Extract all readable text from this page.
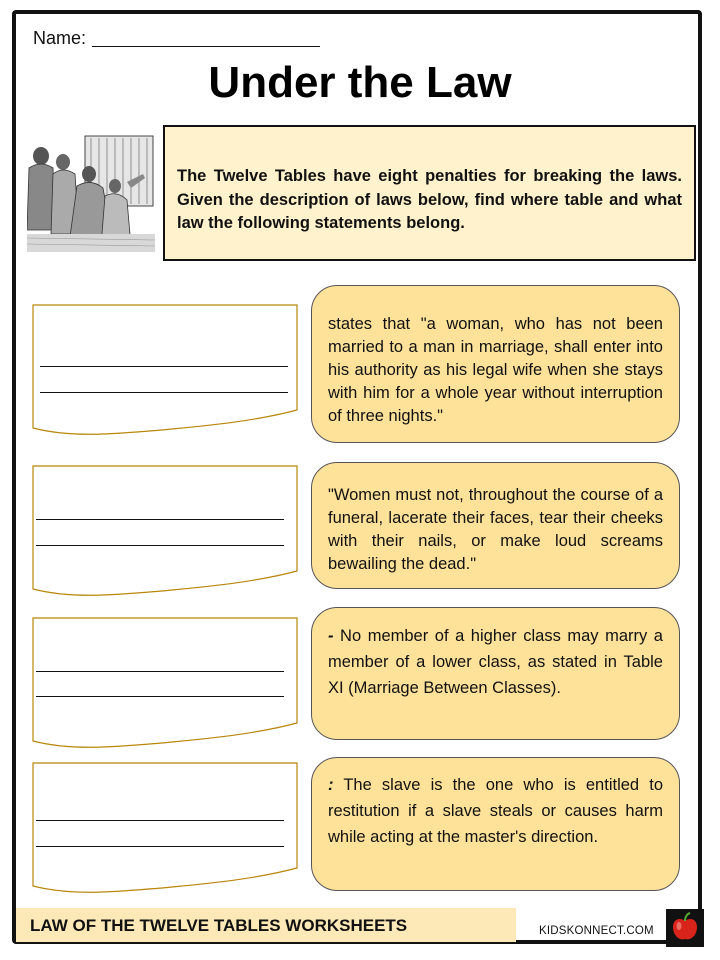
Name:
Under the Law
The Twelve Tables have eight penalties for breaking the laws. Given the description of laws below, find where table and what law the following statements belong.
states that "a woman, who has not been married to a man in marriage, shall enter into his authority as his legal wife when she stays with him for a whole year without interruption of three nights."
"Women must not, throughout the course of a funeral, lacerate their faces, tear their cheeks with their nails, or make loud screams bewailing the dead."
- No member of a higher class may marry a member of a lower class, as stated in Table XI (Marriage Between Classes).
: The slave is the one who is entitled to restitution if a slave steals or causes harm while acting at the master's direction.
LAW OF THE TWELVE TABLES WORKSHEETS	KIDSKONNECT.COM
